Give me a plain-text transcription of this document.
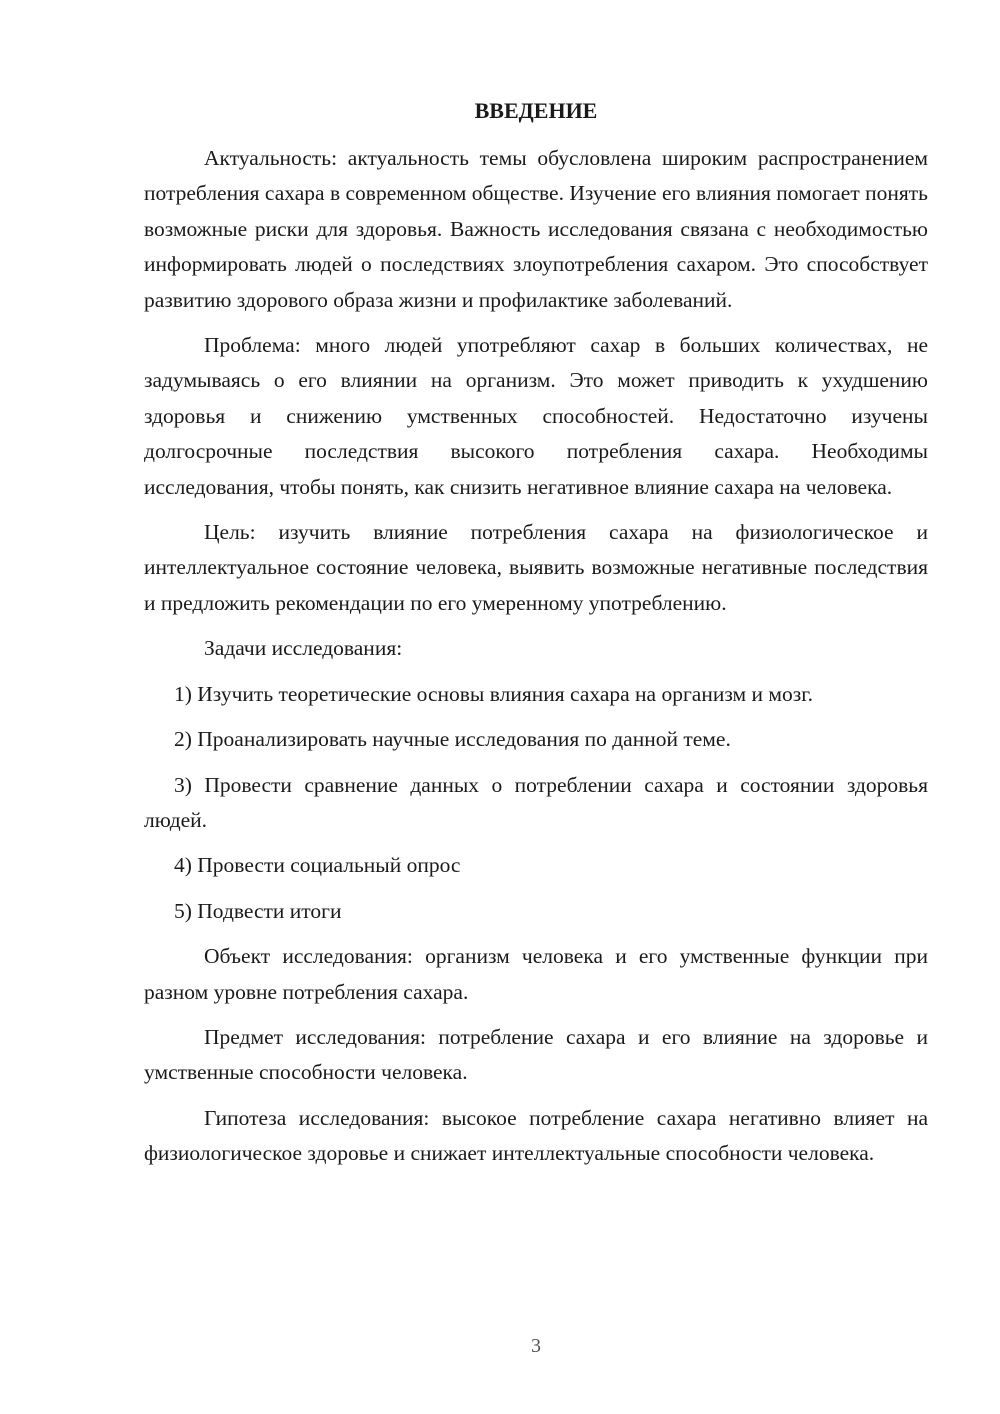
ВВЕДЕНИЕ

Актуальность: актуальность темы обусловлена широким распространением потребления сахара в современном обществе. Изучение его влияния помогает понять возможные риски для здоровья. Важность исследования связана с необходимостью информировать людей о последствиях злоупотребления сахаром. Это способствует развитию здорового образа жизни и профилактике заболеваний.

Проблема: много людей употребляют сахар в больших количествах, не задумываясь о его влиянии на организм. Это может приводить к ухудшению здоровья и снижению умственных способностей. Недостаточно изучены долгосрочные последствия высокого потребления сахара. Необходимы исследования, чтобы понять, как снизить негативное влияние сахара на человека.

Цель: изучить влияние потребления сахара на физиологическое и интеллектуальное состояние человека, выявить возможные негативные последствия и предложить рекомендации по его умеренному употреблению.

Задачи исследования:

1) Изучить теоретические основы влияния сахара на организм и мозг.

2) Проанализировать научные исследования по данной теме.

3) Провести сравнение данных о потреблении сахара и состоянии здоровья людей.

4) Провести социальный опрос

5) Подвести итоги

Объект исследования: организм человека и его умственные функции при разном уровне потребления сахара.

Предмет исследования: потребление сахара и его влияние на здоровье и умственные способности человека.

Гипотеза исследования: высокое потребление сахара негативно влияет на физиологическое здоровье и снижает интеллектуальные способности человека.

3
